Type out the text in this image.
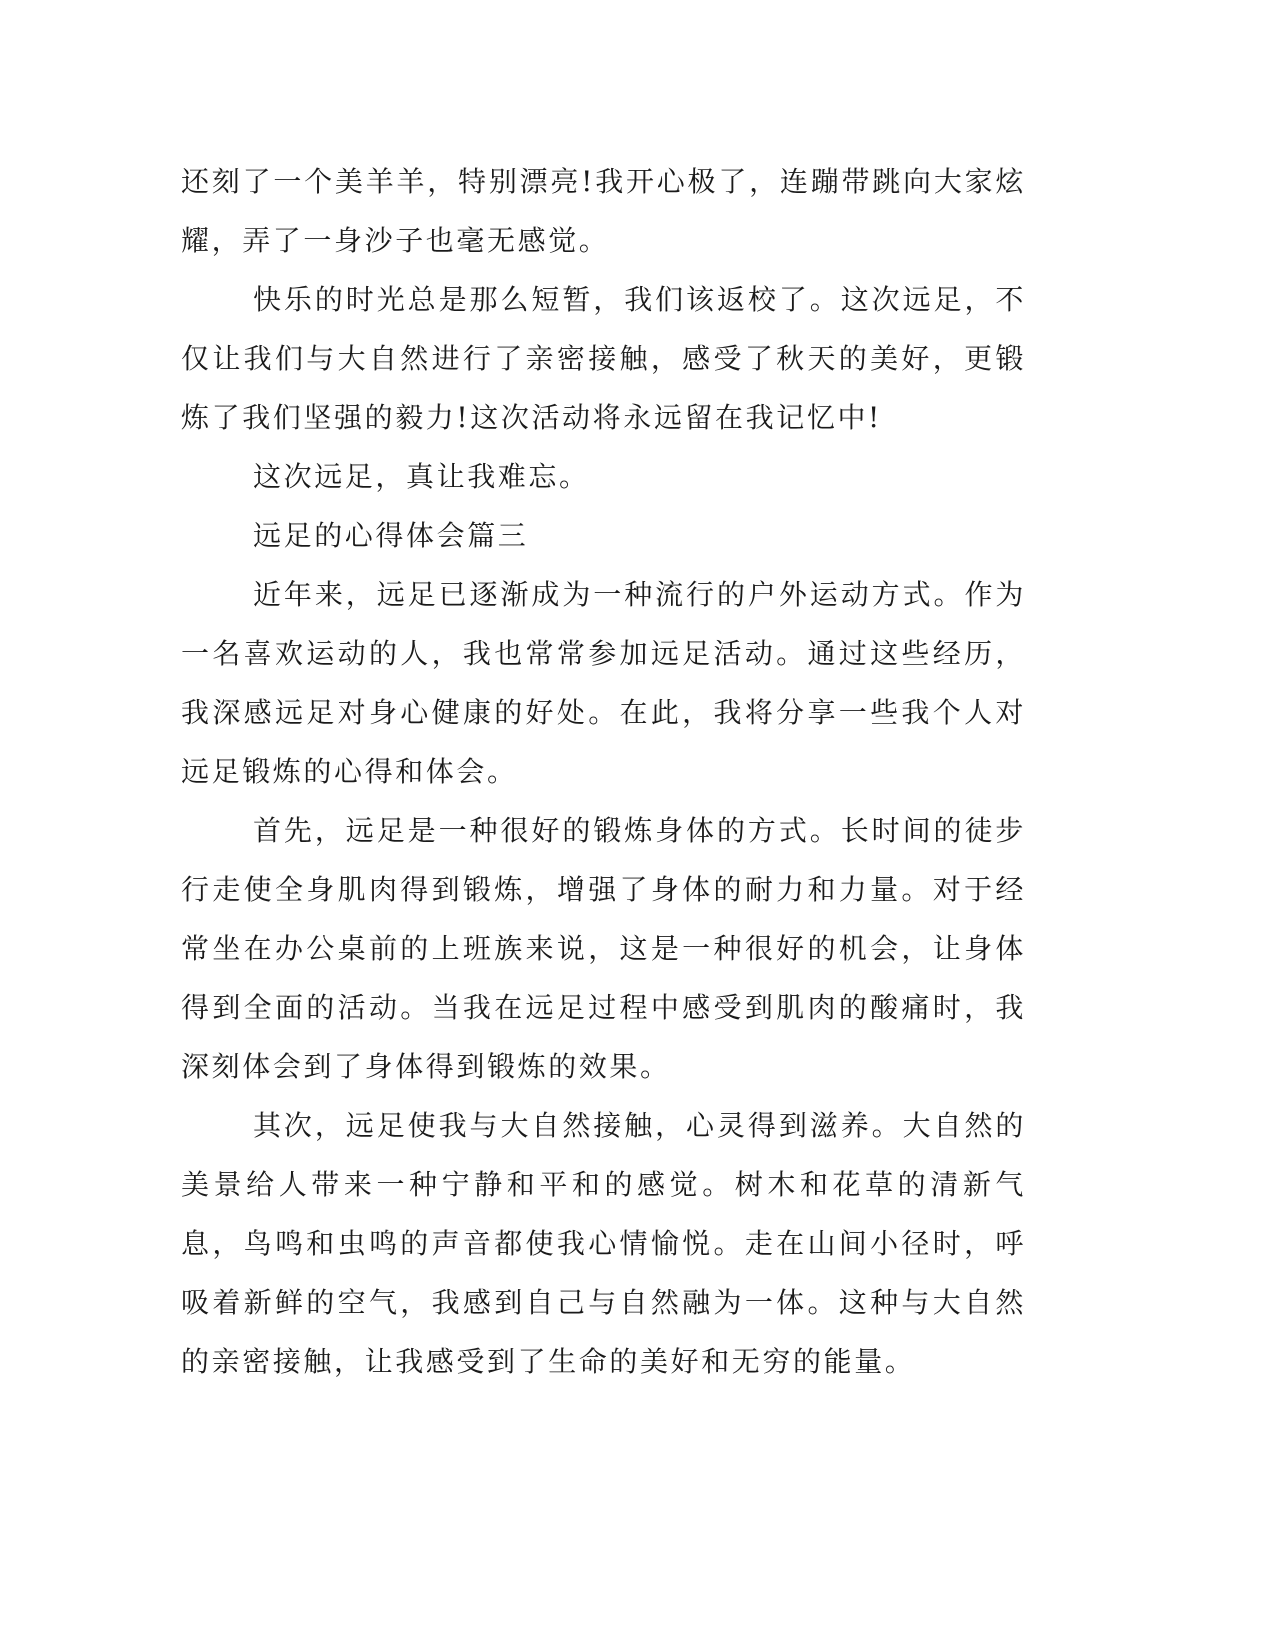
还刻了一个美羊羊，特别漂亮!我开心极了，连蹦带跳向大家炫耀，弄了一身沙子也毫无感觉。

快乐的时光总是那么短暂，我们该返校了。这次远足，不仅让我们与大自然进行了亲密接触，感受了秋天的美好，更锻炼了我们坚强的毅力!这次活动将永远留在我记忆中!

这次远足，真让我难忘。

远足的心得体会篇三

近年来，远足已逐渐成为一种流行的户外运动方式。作为一名喜欢运动的人，我也常常参加远足活动。通过这些经历，我深感远足对身心健康的好处。在此，我将分享一些我个人对远足锻炼的心得和体会。

首先，远足是一种很好的锻炼身体的方式。长时间的徒步行走使全身肌肉得到锻炼，增强了身体的耐力和力量。对于经常坐在办公桌前的上班族来说，这是一种很好的机会，让身体得到全面的活动。当我在远足过程中感受到肌肉的酸痛时，我深刻体会到了身体得到锻炼的效果。

其次，远足使我与大自然接触，心灵得到滋养。大自然的美景给人带来一种宁静和平和的感觉。树木和花草的清新气息，鸟鸣和虫鸣的声音都使我心情愉悦。走在山间小径时，呼吸着新鲜的空气，我感到自己与自然融为一体。这种与大自然的亲密接触，让我感受到了生命的美好和无穷的能量。
